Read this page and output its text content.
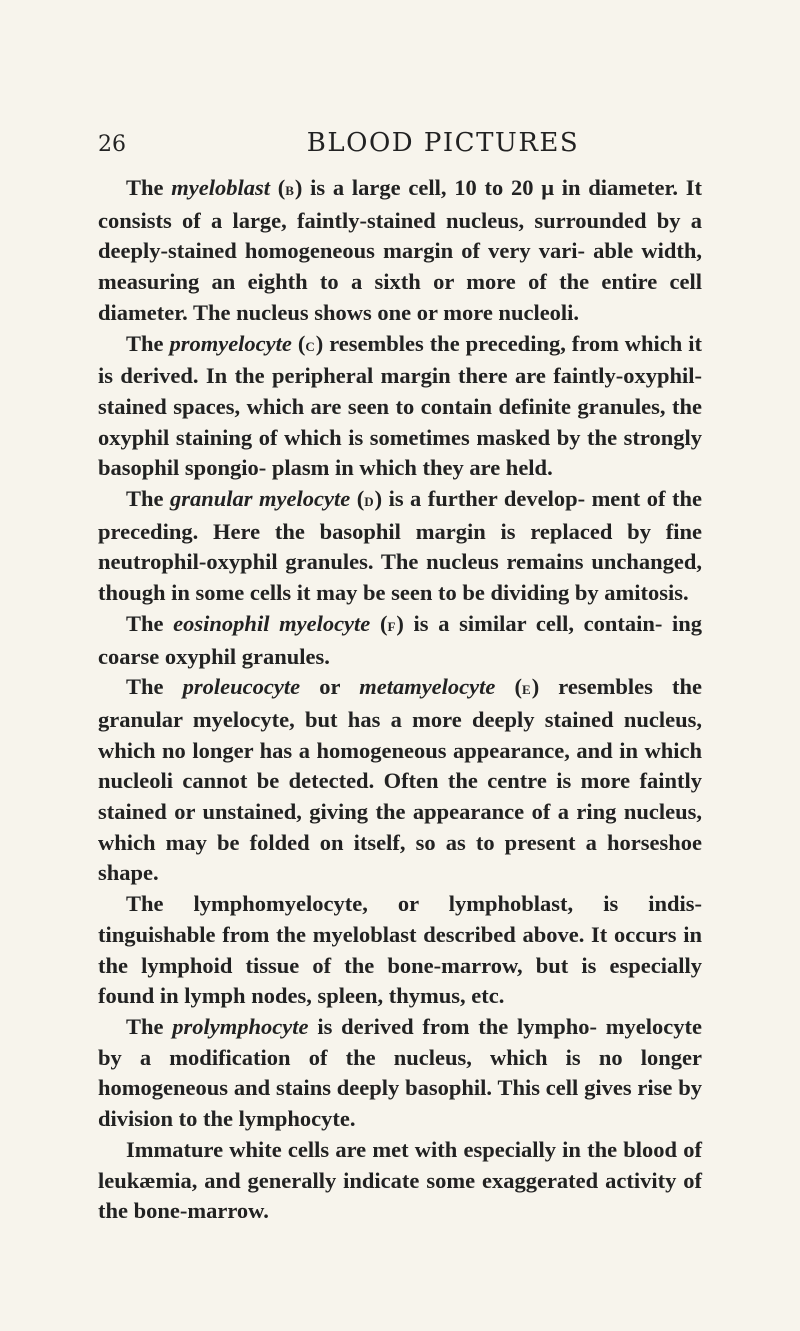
26	BLOOD PICTURES

The myeloblast (b) is a large cell, 10 to 20 μ in diameter. It consists of a large, faintly-stained nucleus, surrounded by a deeply-stained homogeneous margin of very vari- able width, measuring an eighth to a sixth or more of the entire cell diameter. The nucleus shows one or more nucleoli.

The promyelocyte (c) resembles the preceding, from which it is derived. In the peripheral margin there are faintly-oxyphil-stained spaces, which are seen to contain definite granules, the oxyphil staining of which is sometimes masked by the strongly basophil spongio- plasm in which they are held.

The granular myelocyte (d) is a further develop- ment of the preceding. Here the basophil margin is replaced by fine neutrophil-oxyphil granules. The nucleus remains unchanged, though in some cells it may be seen to be dividing by amitosis.

The eosinophil myelocyte (f) is a similar cell, contain- ing coarse oxyphil granules.

The proleucocyte or metamyelocyte (e) resembles the granular myelocyte, but has a more deeply stained nucleus, which no longer has a homogeneous appearance, and in which nucleoli cannot be detected. Often the centre is more faintly stained or unstained, giving the appearance of a ring nucleus, which may be folded on itself, so as to present a horseshoe shape.

The lymphomyelocyte, or lymphoblast, is indis- tinguishable from the myeloblast described above. It occurs in the lymphoid tissue of the bone-marrow, but is especially found in lymph nodes, spleen, thymus, etc.

The prolymphocyte is derived from the lympho- myelocyte by a modification of the nucleus, which is no longer homogeneous and stains deeply basophil. This cell gives rise by division to the lymphocyte.

Immature white cells are met with especially in the blood of leukæmia, and generally indicate some exaggerated activity of the bone-marrow.
